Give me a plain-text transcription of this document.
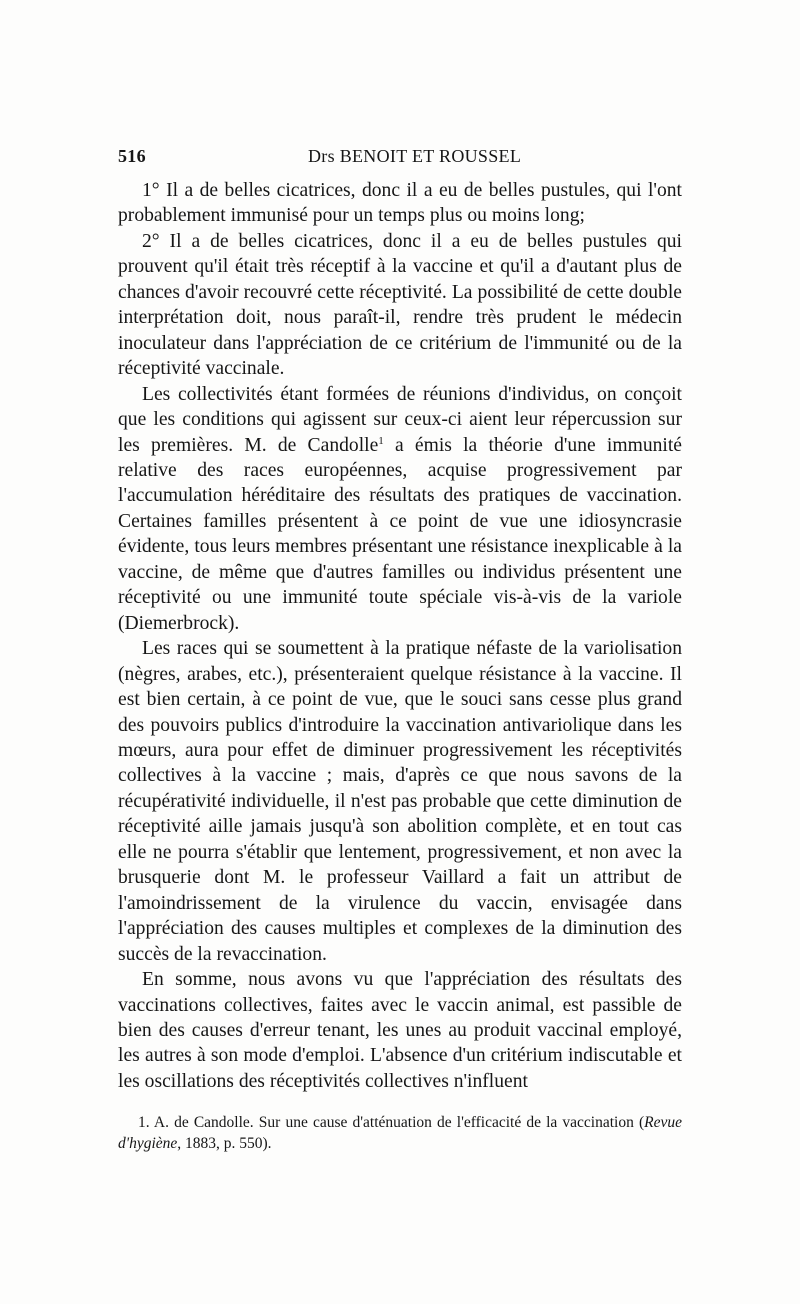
516	Drs BENOIT ET ROUSSEL

1° Il a de belles cicatrices, donc il a eu de belles pustules, qui l'ont probablement immunisé pour un temps plus ou moins long;

2° Il a de belles cicatrices, donc il a eu de belles pustules qui prouvent qu'il était très réceptif à la vaccine et qu'il a d'autant plus de chances d'avoir recouvré cette réceptivité. La possibilité de cette double interprétation doit, nous paraît-il, rendre très prudent le médecin inoculateur dans l'appréciation de ce critérium de l'immunité ou de la réceptivité vaccinale.

Les collectivités étant formées de réunions d'individus, on conçoit que les conditions qui agissent sur ceux-ci aient leur répercussion sur les premières. M. de Candolle$^1$ a émis la théorie d'une immunité relative des races européennes, acquise progressivement par l'accumulation héréditaire des résultats des pratiques de vaccination. Certaines familles présentent à ce point de vue une idiosyncrasie évidente, tous leurs membres présentant une résistance inexplicable à la vaccine, de même que d'autres familles ou individus présentent une réceptivité ou une immunité toute spéciale vis-à-vis de la variole (Diemerbrock).

Les races qui se soumettent à la pratique néfaste de la variolisation (nègres, arabes, etc.), présenteraient quelque résistance à la vaccine. Il est bien certain, à ce point de vue, que le souci sans cesse plus grand des pouvoirs publics d'introduire la vaccination antivariolique dans les mœurs, aura pour effet de diminuer progressivement les réceptivités collectives à la vaccine ; mais, d'après ce que nous savons de la récupérativité individuelle, il n'est pas probable que cette diminution de réceptivité aille jamais jusqu'à son abolition complète, et en tout cas elle ne pourra s'établir que lentement, progressivement, et non avec la brusquerie dont M. le professeur Vaillard a fait un attribut de l'amoindrissement de la virulence du vaccin, envisagée dans l'appréciation des causes multiples et complexes de la diminution des succès de la revaccination.

En somme, nous avons vu que l'appréciation des résultats des vaccinations collectives, faites avec le vaccin animal, est passible de bien des causes d'erreur tenant, les unes au produit vaccinal employé, les autres à son mode d'emploi. L'absence d'un critérium indiscutable et les oscillations des réceptivités collectives n'influent

1. A. de Candolle. Sur une cause d'atténuation de l'efficacité de la vaccination (Revue d'hygiène, 1883, p. 550).
